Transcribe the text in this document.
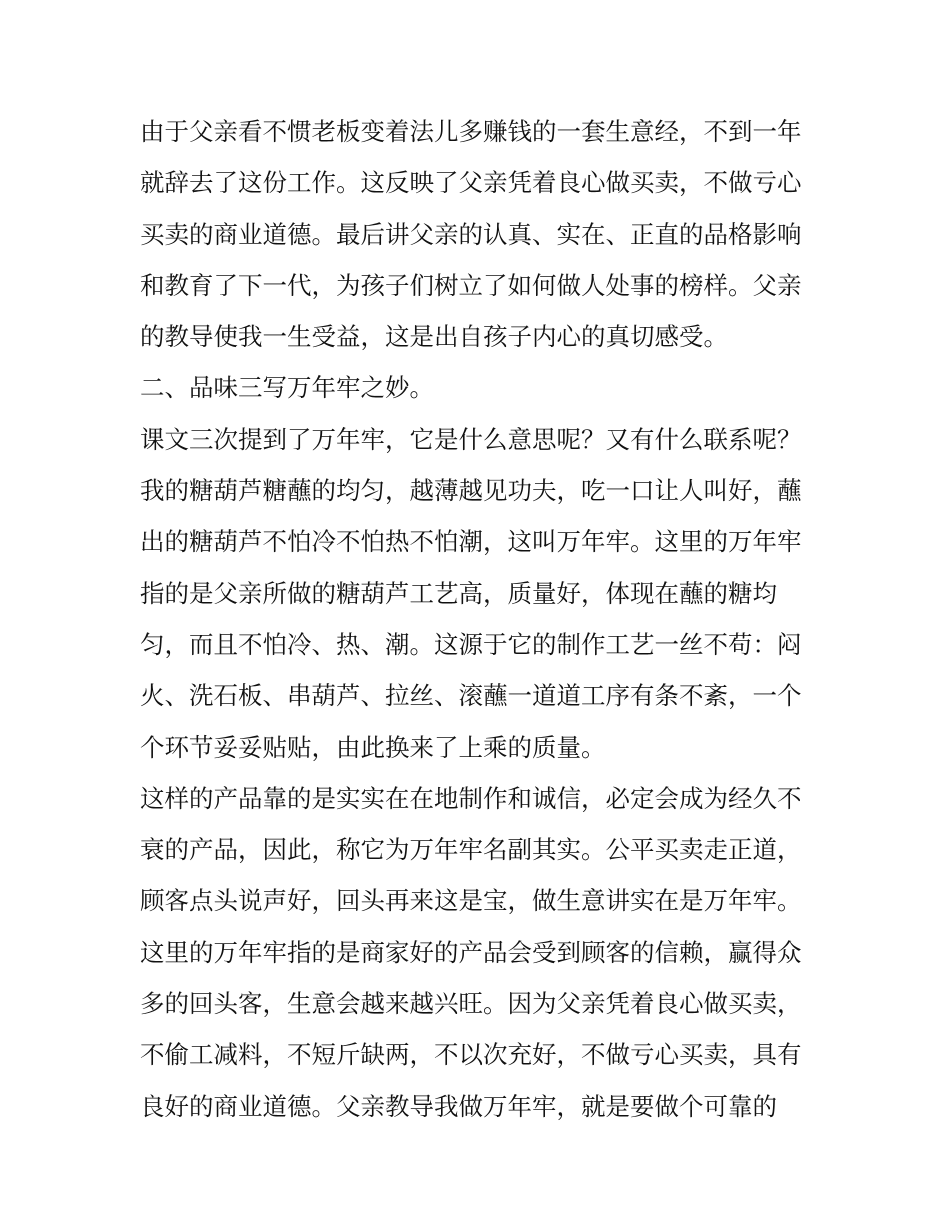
由于父亲看不惯老板变着法儿多赚钱的一套生意经，不到一年
就辞去了这份工作。这反映了父亲凭着良心做买卖，不做亏心
买卖的商业道德。最后讲父亲的认真、实在、正直的品格影响
和教育了下一代，为孩子们树立了如何做人处事的榜样。父亲
的教导使我一生受益，这是出自孩子内心的真切感受。
二、品味三写万年牢之妙。
课文三次提到了万年牢，它是什么意思呢？又有什么联系呢？
我的糖葫芦糖蘸的均匀，越薄越见功夫，吃一口让人叫好，蘸
出的糖葫芦不怕冷不怕热不怕潮，这叫万年牢。这里的万年牢
指的是父亲所做的糖葫芦工艺高，质量好，体现在蘸的糖均
匀，而且不怕冷、热、潮。这源于它的制作工艺一丝不苟：闷
火、洗石板、串葫芦、拉丝、滚蘸一道道工序有条不紊，一个
个环节妥妥贴贴，由此换来了上乘的质量。
这样的产品靠的是实实在在地制作和诚信，必定会成为经久不
衰的产品，因此，称它为万年牢名副其实。公平买卖走正道，
顾客点头说声好，回头再来这是宝，做生意讲实在是万年牢。
这里的万年牢指的是商家好的产品会受到顾客的信赖，赢得众
多的回头客，生意会越来越兴旺。因为父亲凭着良心做买卖，
不偷工减料，不短斤缺两，不以次充好，不做亏心买卖，具有
良好的商业道德。父亲教导我做万年牢，就是要做个可靠的
